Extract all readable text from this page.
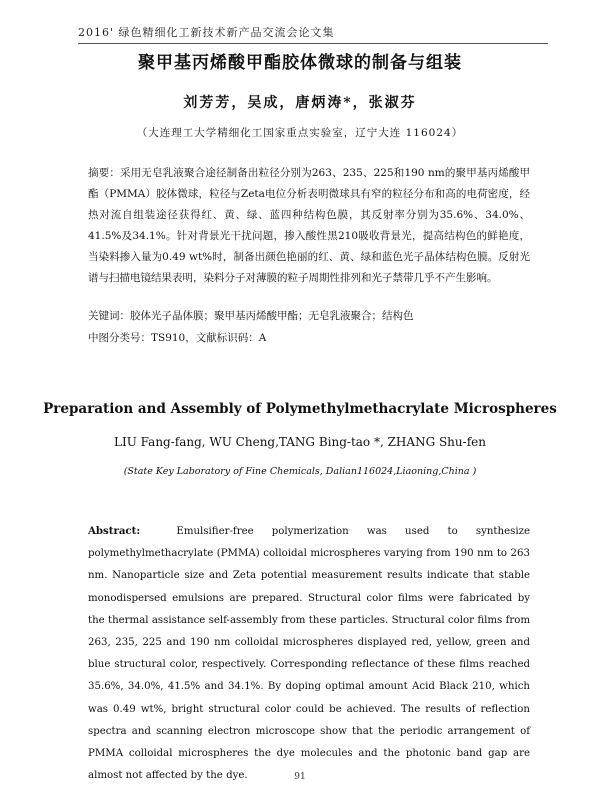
2016' 绿色精细化工新技术新产品交流会论文集
聚甲基丙烯酸甲酯胶体微球的制备与组装
刘芳芳，吴成，唐炳涛*，张淑芬
（大连理工大学精细化工国家重点实验室，辽宁大连 116024）

摘要：采用无皂乳液聚合途径制备出粒径分别为263、235、225和190 nm的聚甲基丙烯酸甲酯（PMMA）胶体微球，粒径与Zeta电位分析表明微球具有窄的粒径分布和高的电荷密度，经热对流自组装途径获得红、黄、绿、蓝四种结构色膜，其反射率分别为35.6%、34.0%、41.5%及34.1%。针对背景光干扰问题，掺入酸性黑210吸收背景光，提高结构色的鲜艳度，当染料掺入量为0.49 wt%时，制备出颜色艳丽的红、黄、绿和蓝色光子晶体结构色膜。反射光谱与扫描电镜结果表明，染料分子对薄膜的粒子周期性排列和光子禁带几乎不产生影响。

关键词：胶体光子晶体膜；聚甲基丙烯酸甲酯；无皂乳液聚合；结构色

中图分类号：TS910，文献标识码：A

Preparation and Assembly of Polymethylmethacrylate Microspheres
LIU Fang-fang, WU Cheng,TANG Bing-tao *, ZHANG Shu-fen
(State Key Laboratory of Fine Chemicals, Dalian116024,Liaoning,China )

Abstract:	Emulsifier-free polymerization was used to synthesize polymethylmethacrylate (PMMA) colloidal microspheres varying from 190 nm to 263 nm. Nanoparticle size and Zeta potential measurement results indicate that stable monodispersed emulsions are prepared. Structural color films were fabricated by the thermal assistance self-assembly from these particles. Structural color films from 263, 235, 225 and 190 nm colloidal microspheres displayed red, yellow, green and blue structural color, respectively. Corresponding reflectance of these films reached 35.6%, 34.0%, 41.5% and 34.1%. By doping optimal amount Acid Black 210, which was 0.49 wt%, bright structural color could be achieved. The results of reflection spectra and scanning electron microscope show that the periodic arrangement of PMMA colloidal microspheres the dye molecules and the photonic band gap are almost not affected by the dye.	91
